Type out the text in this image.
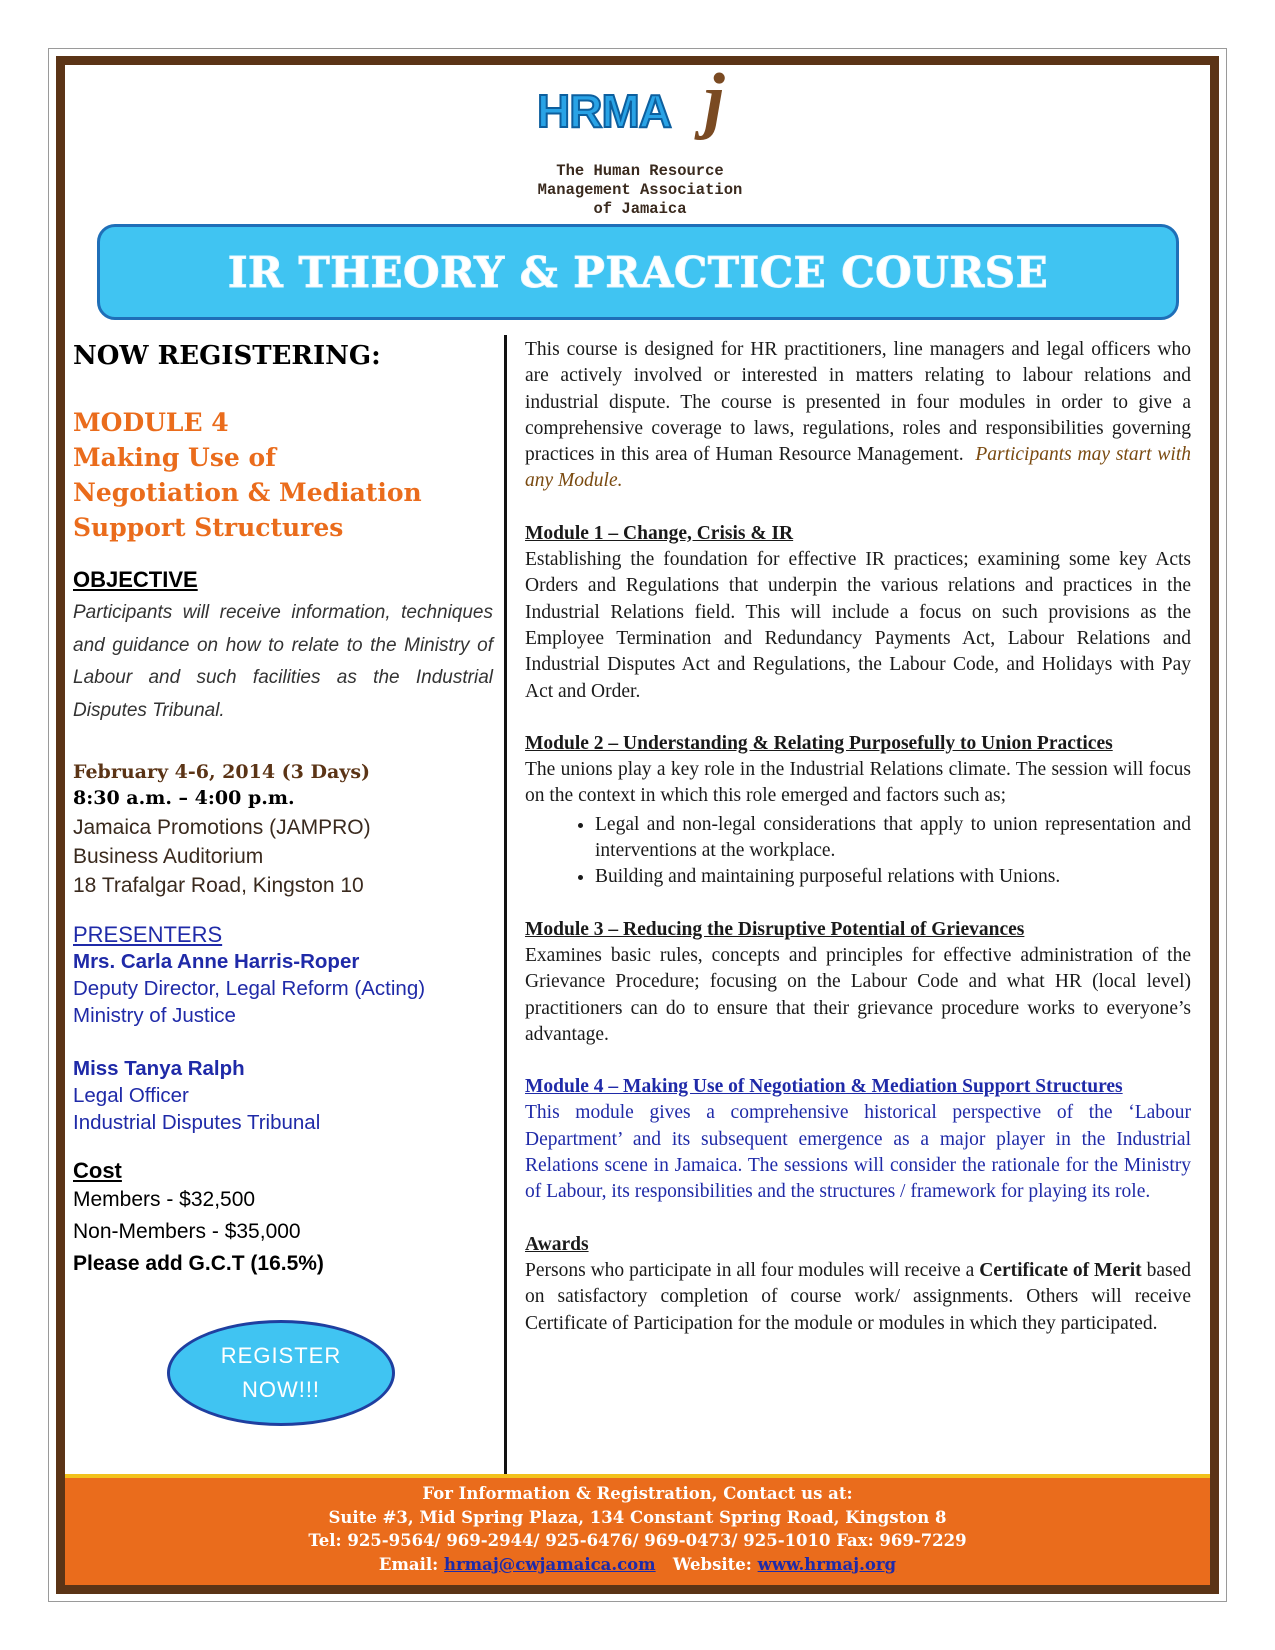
HRMA j
The Human Resource
Management Association
of Jamaica
IR THEORY & PRACTICE COURSE
NOW REGISTERING:
MODULE 4
Making Use of
Negotiation & Mediation
Support Structures
OBJECTIVE
Participants will receive information, techniques and guidance on how to relate to the Ministry of Labour and such facilities as the Industrial Disputes Tribunal.
February 4-6, 2014 (3 Days)
8:30 a.m. – 4:00 p.m.
Jamaica Promotions (JAMPRO)
Business Auditorium
18 Trafalgar Road, Kingston 10
PRESENTERS
Mrs. Carla Anne Harris-Roper
Deputy Director, Legal Reform (Acting)
Ministry of Justice
Miss Tanya Ralph
Legal Officer
Industrial Disputes Tribunal
Cost
Members - $32,500
Non-Members - $35,000
Please add G.C.T (16.5%)
REGISTER
NOW!!!

This course is designed for HR practitioners, line managers and legal officers who are actively involved or interested in matters relating to labour relations and industrial dispute. The course is presented in four modules in order to give a comprehensive coverage to laws, regulations, roles and responsibilities governing practices in this area of Human Resource Management. Participants may start with any Module.

Module 1 – Change, Crisis & IR

Establishing the foundation for effective IR practices; examining some key Acts Orders and Regulations that underpin the various relations and practices in the Industrial Relations field. This will include a focus on such provisions as the Employee Termination and Redundancy Payments Act, Labour Relations and Industrial Disputes Act and Regulations, the Labour Code, and Holidays with Pay Act and Order.

Module 2 – Understanding & Relating Purposefully to Union Practices

The unions play a key role in the Industrial Relations climate. The session will focus on the context in which this role emerged and factors such as;

• Legal and non-legal considerations that apply to union representation and interventions at the workplace.
• Building and maintaining purposeful relations with Unions.

Module 3 – Reducing the Disruptive Potential of Grievances

Examines basic rules, concepts and principles for effective administration of the Grievance Procedure; focusing on the Labour Code and what HR (local level) practitioners can do to ensure that their grievance procedure works to everyone’s advantage.

Module 4 – Making Use of Negotiation & Mediation Support Structures

This module gives a comprehensive historical perspective of the ‘Labour Department’ and its subsequent emergence as a major player in the Industrial Relations scene in Jamaica. The sessions will consider the rationale for the Ministry of Labour, its responsibilities and the structures / framework for playing its role.

Awards

Persons who participate in all four modules will receive a Certificate of Merit based on satisfactory completion of course work/ assignments. Others will receive Certificate of Participation for the module or modules in which they participated.

For Information & Registration, Contact us at:
Suite #3, Mid Spring Plaza, 134 Constant Spring Road, Kingston 8
Tel: 925-9564/ 969-2944/ 925-6476/ 969-0473/ 925-1010 Fax: 969-7229
Email: hrmaj@cwjamaica.com Website: www.hrmaj.org
